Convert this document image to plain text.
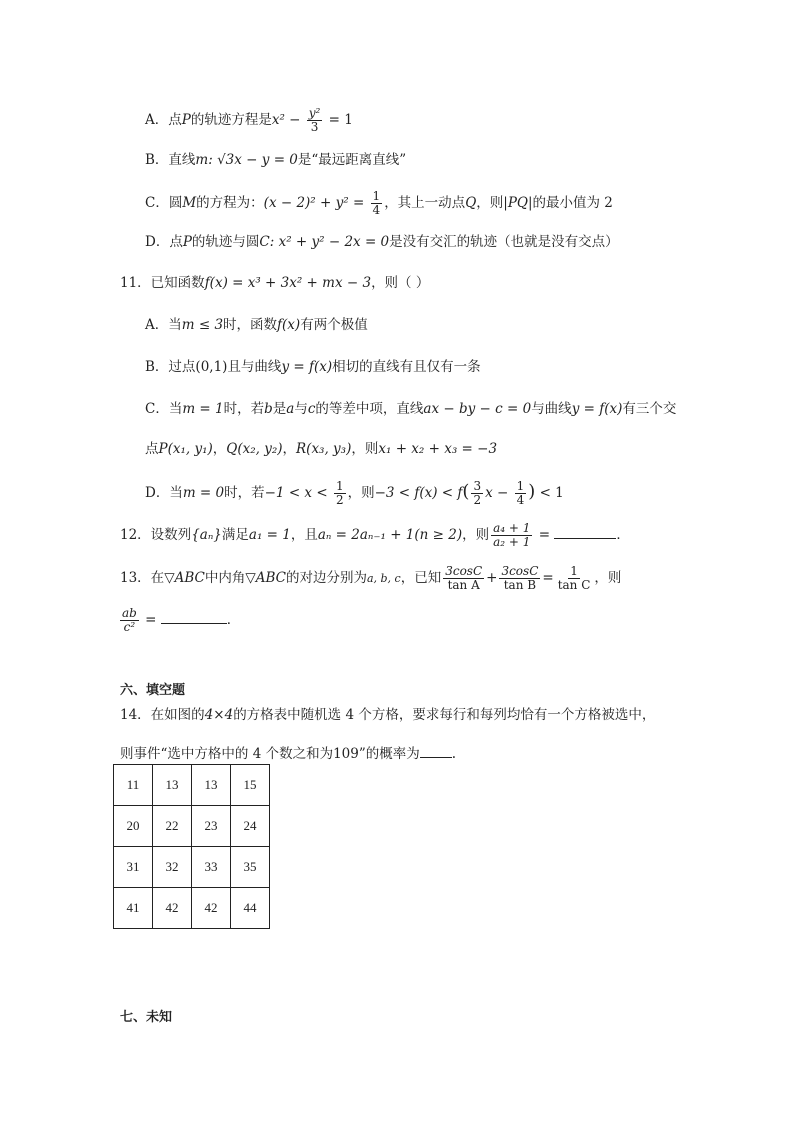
A．点P的轨迹方程是$x^2 - \frac{\text{y²}}{3} = 1$
B．直线m: √3x − y = 0是“最远距离直线”
C．圆M的方程为：$(x - 2)^2 + y^2 = \frac{1}{4}$ ，其上一动点Q，则|PQ|的最小值为 2
D．点P的轨迹与圆C: x² + y² − 2x = 0是没有交汇的轨迹（也就是没有交点）
11．已知函数f(x) = x³ + 3x² + mx − 3，则（ ）
A．当m ≤ 3时，函数f(x)有两个极值
B．过点(0,1)且与曲线y = f(x)相切的直线有且仅有一条
C．当m = 1时，若b是a与c的等差中项，直线ax − by − c = 0与曲线y = f(x)有三个交
点P(x₁, y₁)，Q(x₂, y₂)，R(x₃, y₃)，则x₁ + x₂ + x₃ = −3
D．当m = 0时，若$-1 < x < \frac{1}{2}$ ，则$-3 < f(x) < f( \frac{3}{2}$ $x - \frac{1}{4}$ ) < 1
12．设数列{aₙ}满足a₁ = 1，且aₙ = 2aₙ₋₁ + 1(n ≥ 2)，则 $\frac{\text{a₄ + 1}}{\text{a₂ + 1}}$ =	．
13．在▽ABC中内角▽ABC的对边分别为a, b, c，已知 $\frac{3\cos C}{\text{tan A}} + \frac{3\cos C}{\text{tan B}} = \frac{1}{\text{tan C}}$ ，则
$\frac{ab}{\text{c²}}$ =	．
六、填空题
14．在如图的4×4的方格表中随机选 4 个方格，要求每行和每列均恰有一个方格被选中，
则事件“选中方格中的 4 个数之和为109”的概率为 .
11	13	13	15
20	22	23	24
31	32	33	35
41	42	42	44
七、未知
